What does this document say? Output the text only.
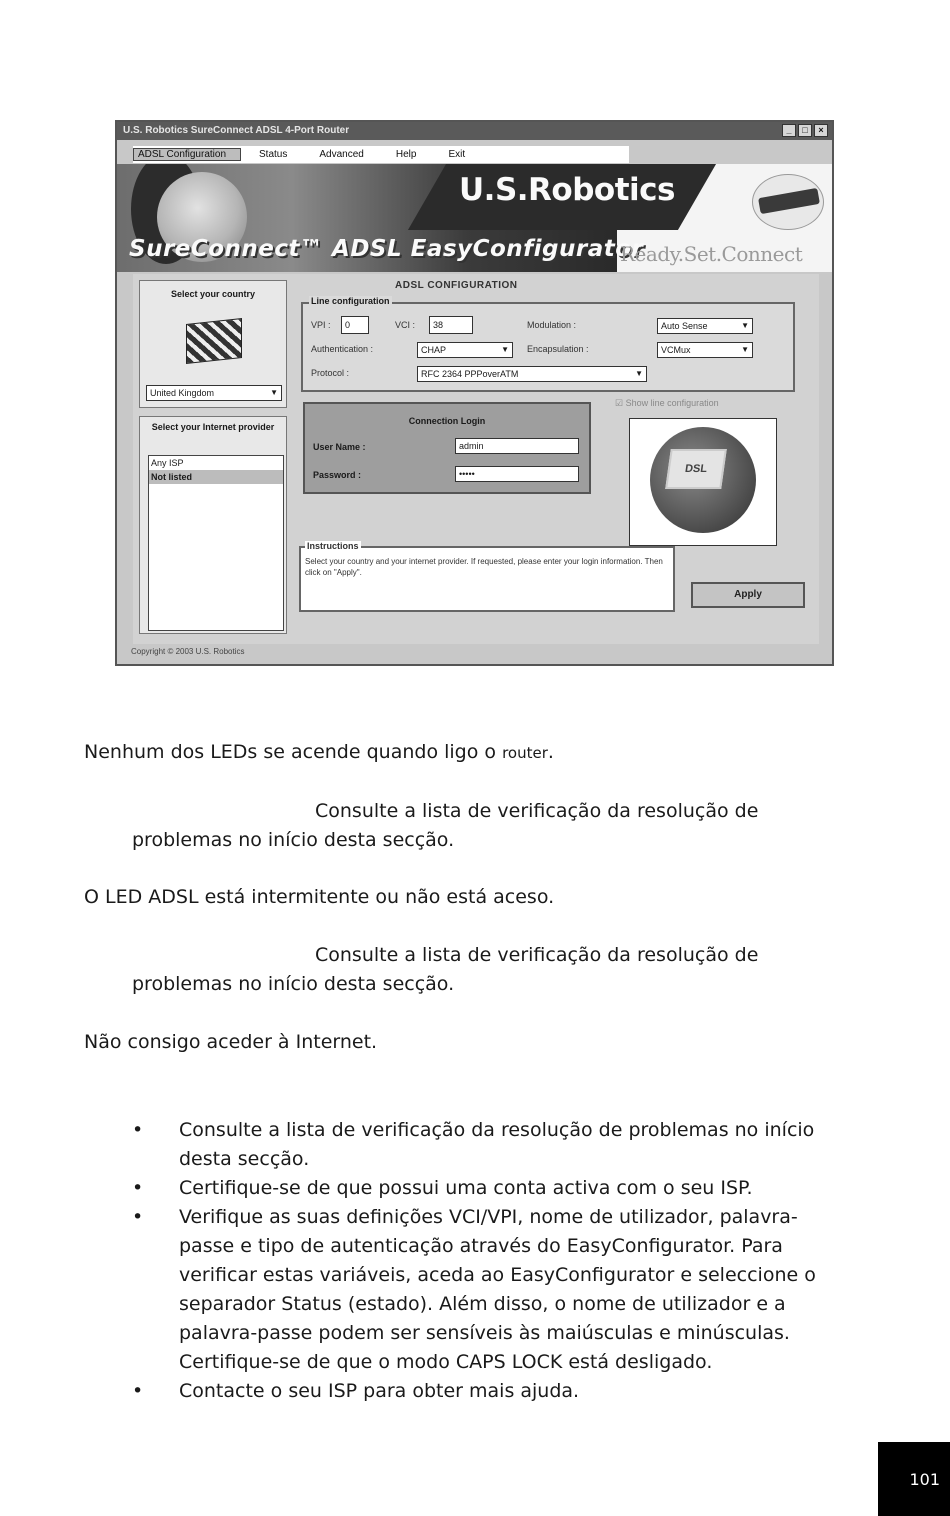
U.S. Robotics SureConnect ADSL 4-Port Router	_	□	×
ADSL Configuration	Status	Advanced	Help	Exit
U.S.Robotics
SureConnect™ ADSL EasyConfigurator
Ready.Set.Connect
Select your country
United Kingdom	▼
Select your Internet provider
Any ISP
Not listed
ADSL CONFIGURATION
Line configuration
VPI :	0	VCI :	38	Modulation :	Auto Sense	▼
Authentication :	CHAP	▼ Encapsulation :	VCMux	▼
Protocol :	RFC 2364 PPPoverATM	▼
Connection Login
User Name :	admin
Password :	•••••
☑ Show line configuration
DSL
Instructions
Select your country and your internet provider. If requested, please enter your login information. Then click on "Apply".
Apply
Copyright © 2003 U.S. Robotics

Nenhum dos LEDs se acende quando ligo o router.

Consulte a lista de verificação da resolução de problemas no início desta secção.

O LED ADSL está intermitente ou não está aceso.

Consulte a lista de verificação da resolução de problemas no início desta secção.

Não consigo aceder à Internet.

• Consulte a lista de verificação da resolução de problemas no início desta secção.
• Certifique-se de que possui uma conta activa com o seu ISP.
• Verifique as suas definições VCI/VPI, nome de utilizador, palavra-passe e tipo de autenticação através do EasyConfigurator. Para verificar estas variáveis, aceda ao EasyConfigurator e seleccione o separador Status (estado). Além disso, o nome de utilizador e a palavra-passe podem ser sensíveis às maiúsculas e minúsculas. Certifique-se de que o modo CAPS LOCK está desligado.
• Contacte o seu ISP para obter mais ajuda.
101
